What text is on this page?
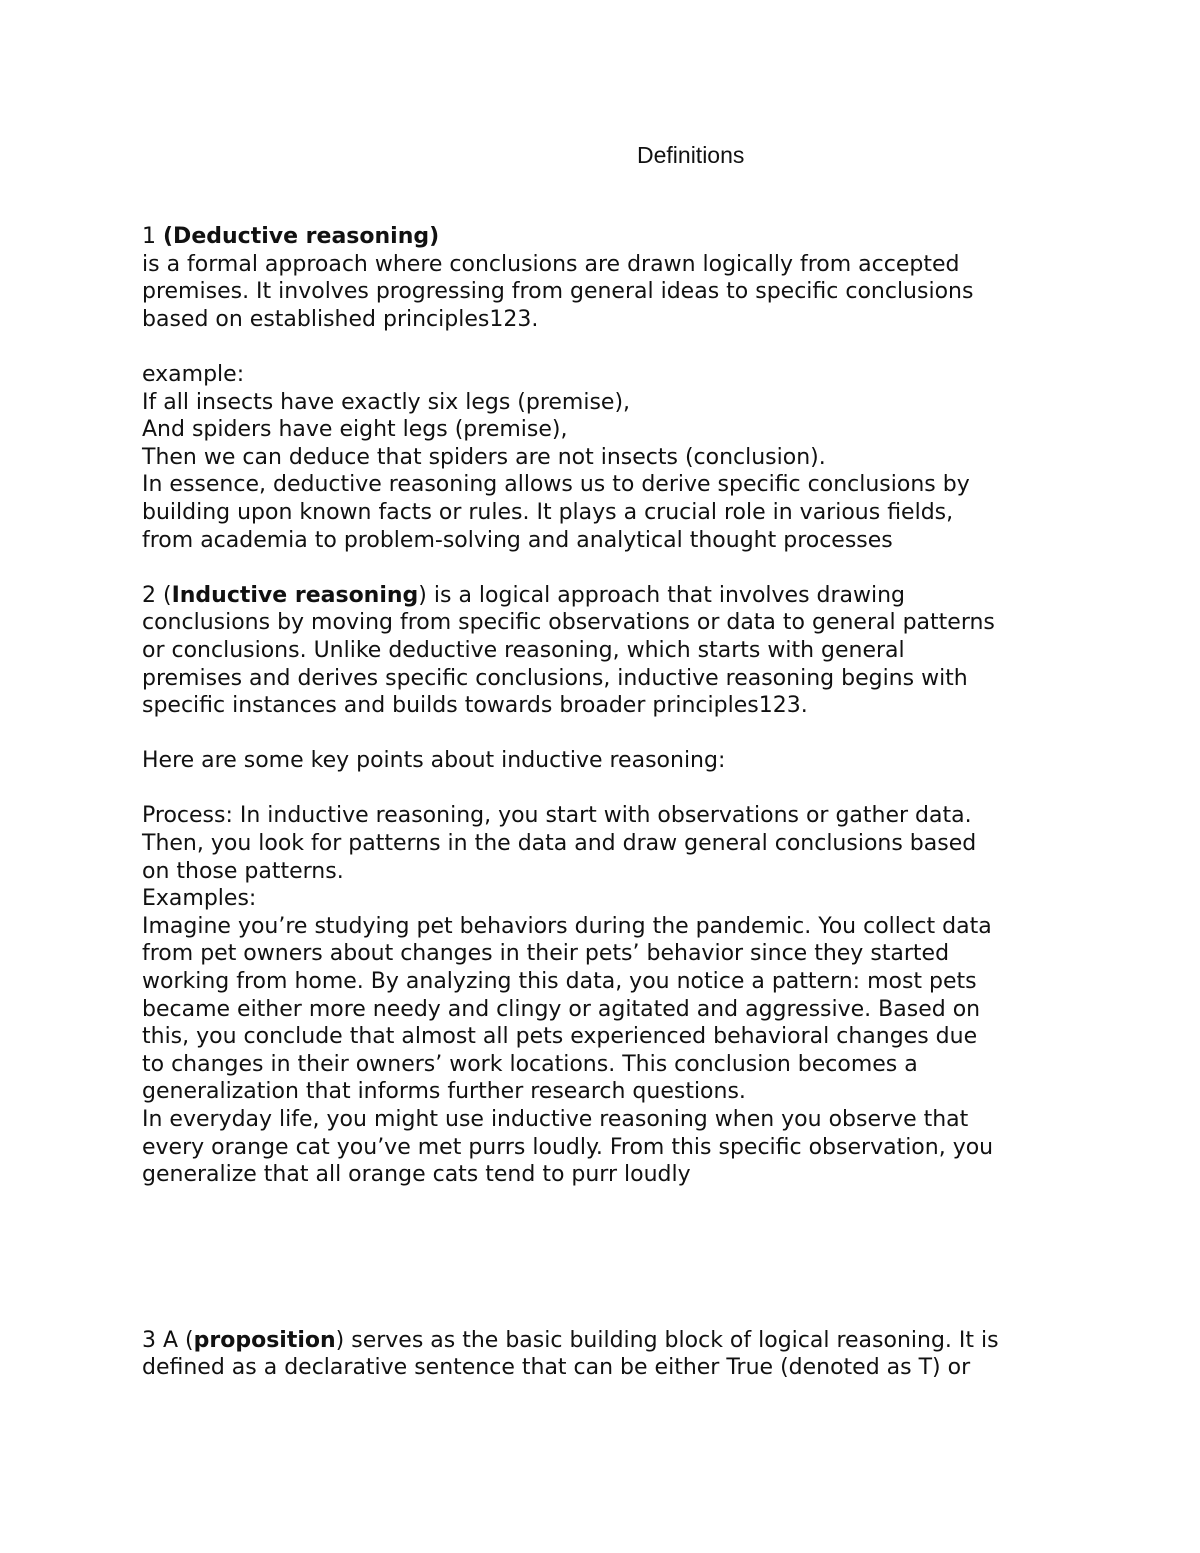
Definitions
1 (Deductive reasoning)
is a formal approach where conclusions are drawn logically from accepted
premises. It involves progressing from general ideas to specific conclusions
based on established principles123.
example:
If all insects have exactly six legs (premise),
And spiders have eight legs (premise),
Then we can deduce that spiders are not insects (conclusion).
In essence, deductive reasoning allows us to derive specific conclusions by
building upon known facts or rules. It plays a crucial role in various fields,
from academia to problem-solving and analytical thought processes
2 (Inductive reasoning) is a logical approach that involves drawing
conclusions by moving from specific observations or data to general patterns
or conclusions. Unlike deductive reasoning, which starts with general
premises and derives specific conclusions, inductive reasoning begins with
specific instances and builds towards broader principles123.
Here are some key points about inductive reasoning:
Process: In inductive reasoning, you start with observations or gather data.
Then, you look for patterns in the data and draw general conclusions based
on those patterns.
Examples:
Imagine you’re studying pet behaviors during the pandemic. You collect data
from pet owners about changes in their pets’ behavior since they started
working from home. By analyzing this data, you notice a pattern: most pets
became either more needy and clingy or agitated and aggressive. Based on
this, you conclude that almost all pets experienced behavioral changes due
to changes in their owners’ work locations. This conclusion becomes a
generalization that informs further research questions.
In everyday life, you might use inductive reasoning when you observe that
every orange cat you’ve met purrs loudly. From this specific observation, you
generalize that all orange cats tend to purr loudly
3 A (proposition) serves as the basic building block of logical reasoning. It is
defined as a declarative sentence that can be either True (denoted as T) or
